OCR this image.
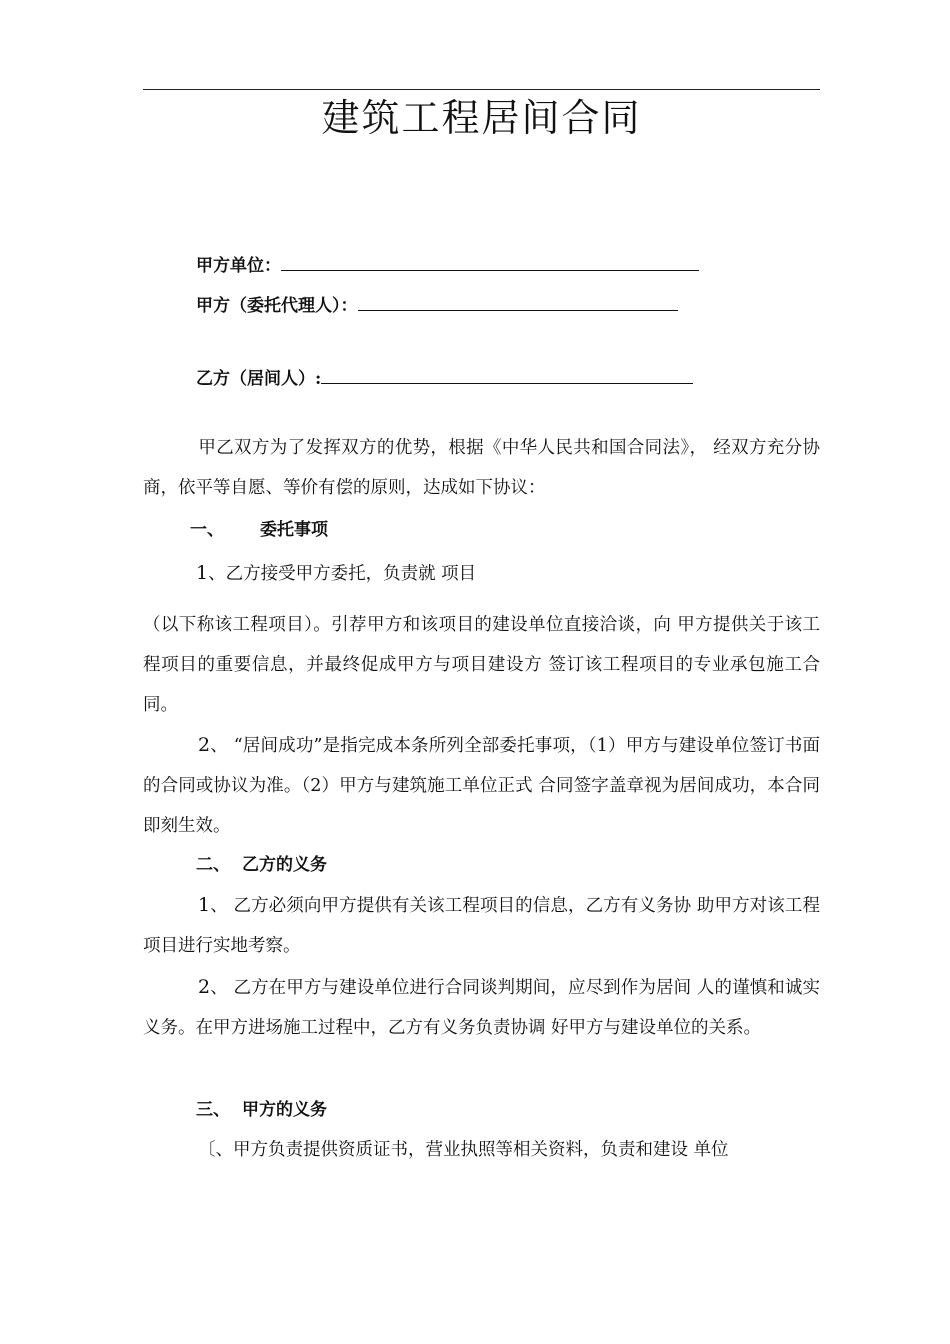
建筑工程居间合同
甲方单位：
甲方（委托代理人）：
乙方（居间人）:
甲乙双方为了发挥双方的优势，根据《中华人民共和国合同法》， 经双方充分协商，依平等自愿、等价有偿的原则，达成如下协议：
一、 委托事项
1、乙方接受甲方委托，负责就 项目
（以下称该工程项目）。引荐甲方和该项目的建设单位直接洽谈，向 甲方提供关于该工程项目的重要信息，并最终促成甲方与项目建设方 签订该工程项目的专业承包施工合同。
2、 “居间成功”是指完成本条所列全部委托事项，（1）甲方与建设单位签订书面的合同或协议为准。（2）甲方与建筑施工单位正式 合同签字盖章视为居间成功，本合同即刻生效。
二、 乙方的义务
1、 乙方必须向甲方提供有关该工程项目的信息，乙方有义务协 助甲方对该工程项目进行实地考察。
2、 乙方在甲方与建设单位进行合同谈判期间，应尽到作为居间 人的谨慎和诚实义务。在甲方进场施工过程中，乙方有义务负责协调 好甲方与建设单位的关系。
三、 甲方的义务
〔、甲方负责提供资质证书，营业执照等相关资料，负责和建设 单位
